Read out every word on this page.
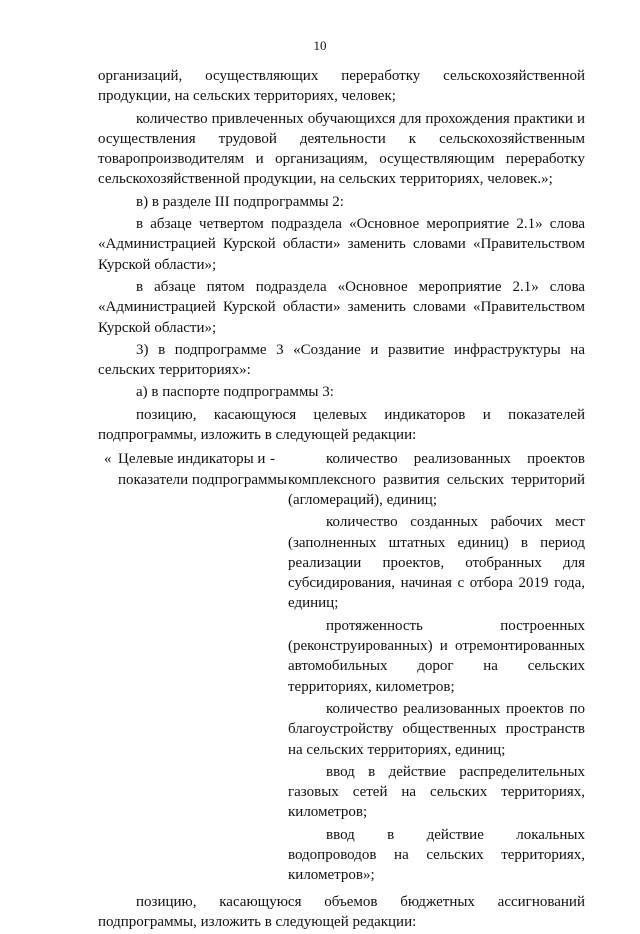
10

организаций, осуществляющих переработку сельскохозяйственной продукции, на сельских территориях, человек;

количество привлеченных обучающихся для прохождения практики и осуществления трудовой деятельности к сельскохозяйственным товаропроизводителям и организациям, осуществляющим переработку сельскохозяйственной продукции, на сельских территориях, человек.»;

в) в разделе III подпрограммы 2:

в абзаце четвертом подраздела «Основное мероприятие 2.1» слова «Администрацией Курской области» заменить словами «Правительством Курской области»;

в абзаце пятом подраздела «Основное мероприятие 2.1» слова «Администрацией Курской области» заменить словами «Правительством Курской области»;

3) в подпрограмме 3 «Создание и развитие инфраструктуры на сельских территориях»:

а) в паспорте подпрограммы 3:

позицию, касающуюся целевых индикаторов и показателей подпрограммы, изложить в следующей редакции:

« Целевые индикаторы и показатели подпрограммы
-	количество реализованных проектов комплексного развития сельских территорий (агломераций), единиц;

количество созданных рабочих мест (заполненных штатных единиц) в период реализации проектов, отобранных для субсидирования, начиная с отбора 2019 года, единиц;

протяженность построенных (реконструированных) и отремонтированных автомобильных дорог на сельских территориях, километров;

количество реализованных проектов по благоустройству общественных пространств на сельских территориях, единиц;

ввод в действие распределительных газовых сетей на сельских территориях, километров;

ввод в действие локальных водопроводов на сельских территориях, километров»;

позицию, касающуюся объемов бюджетных ассигнований подпрограммы, изложить в следующей редакции:
